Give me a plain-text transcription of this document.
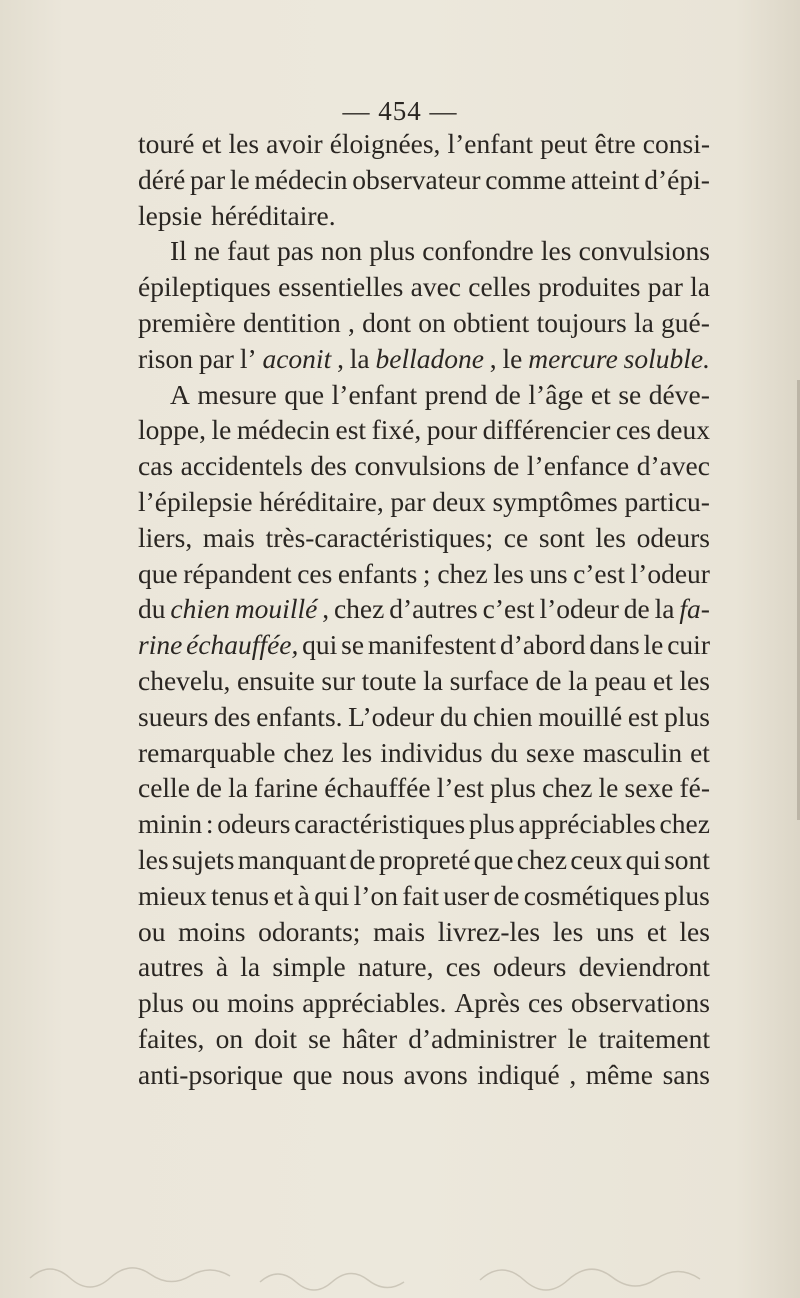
— 454 —
touré et les avoir éloignées, l’enfant peut être consi-
déré par le médecin observateur comme atteint d’épi-
lepsie héréditaire.
Il ne faut pas non plus confondre les convulsions
épileptiques essentielles avec celles produites par la
première dentition , dont on obtient toujours la gué-
rison par l’ aconit , la belladone , le mercure soluble.
A mesure que l’enfant prend de l’âge et se déve-
loppe, le médecin est fixé, pour différencier ces deux
cas accidentels des convulsions de l’enfance d’avec
l’épilepsie héréditaire, par deux symptômes particu-
liers, mais très-caractéristiques; ce sont les odeurs
que répandent ces enfants ; chez les uns c’est l’odeur
du chien mouillé , chez d’autres c’est l’odeur de la fa-
rine échauffée, qui se manifestent d’abord dans le cuir
chevelu, ensuite sur toute la surface de la peau et les
sueurs des enfants. L’odeur du chien mouillé est plus
remarquable chez les individus du sexe masculin et
celle de la farine échauffée l’est plus chez le sexe fé-
minin : odeurs caractéristiques plus appréciables chez
les sujets manquant de propreté que chez ceux qui sont
mieux tenus et à qui l’on fait user de cosmétiques plus
ou moins odorants; mais livrez-les les uns et les
autres à la simple nature, ces odeurs deviendront
plus ou moins appréciables. Après ces observations
faites, on doit se hâter d’administrer le traitement
anti-psorique que nous avons indiqué , même sans
